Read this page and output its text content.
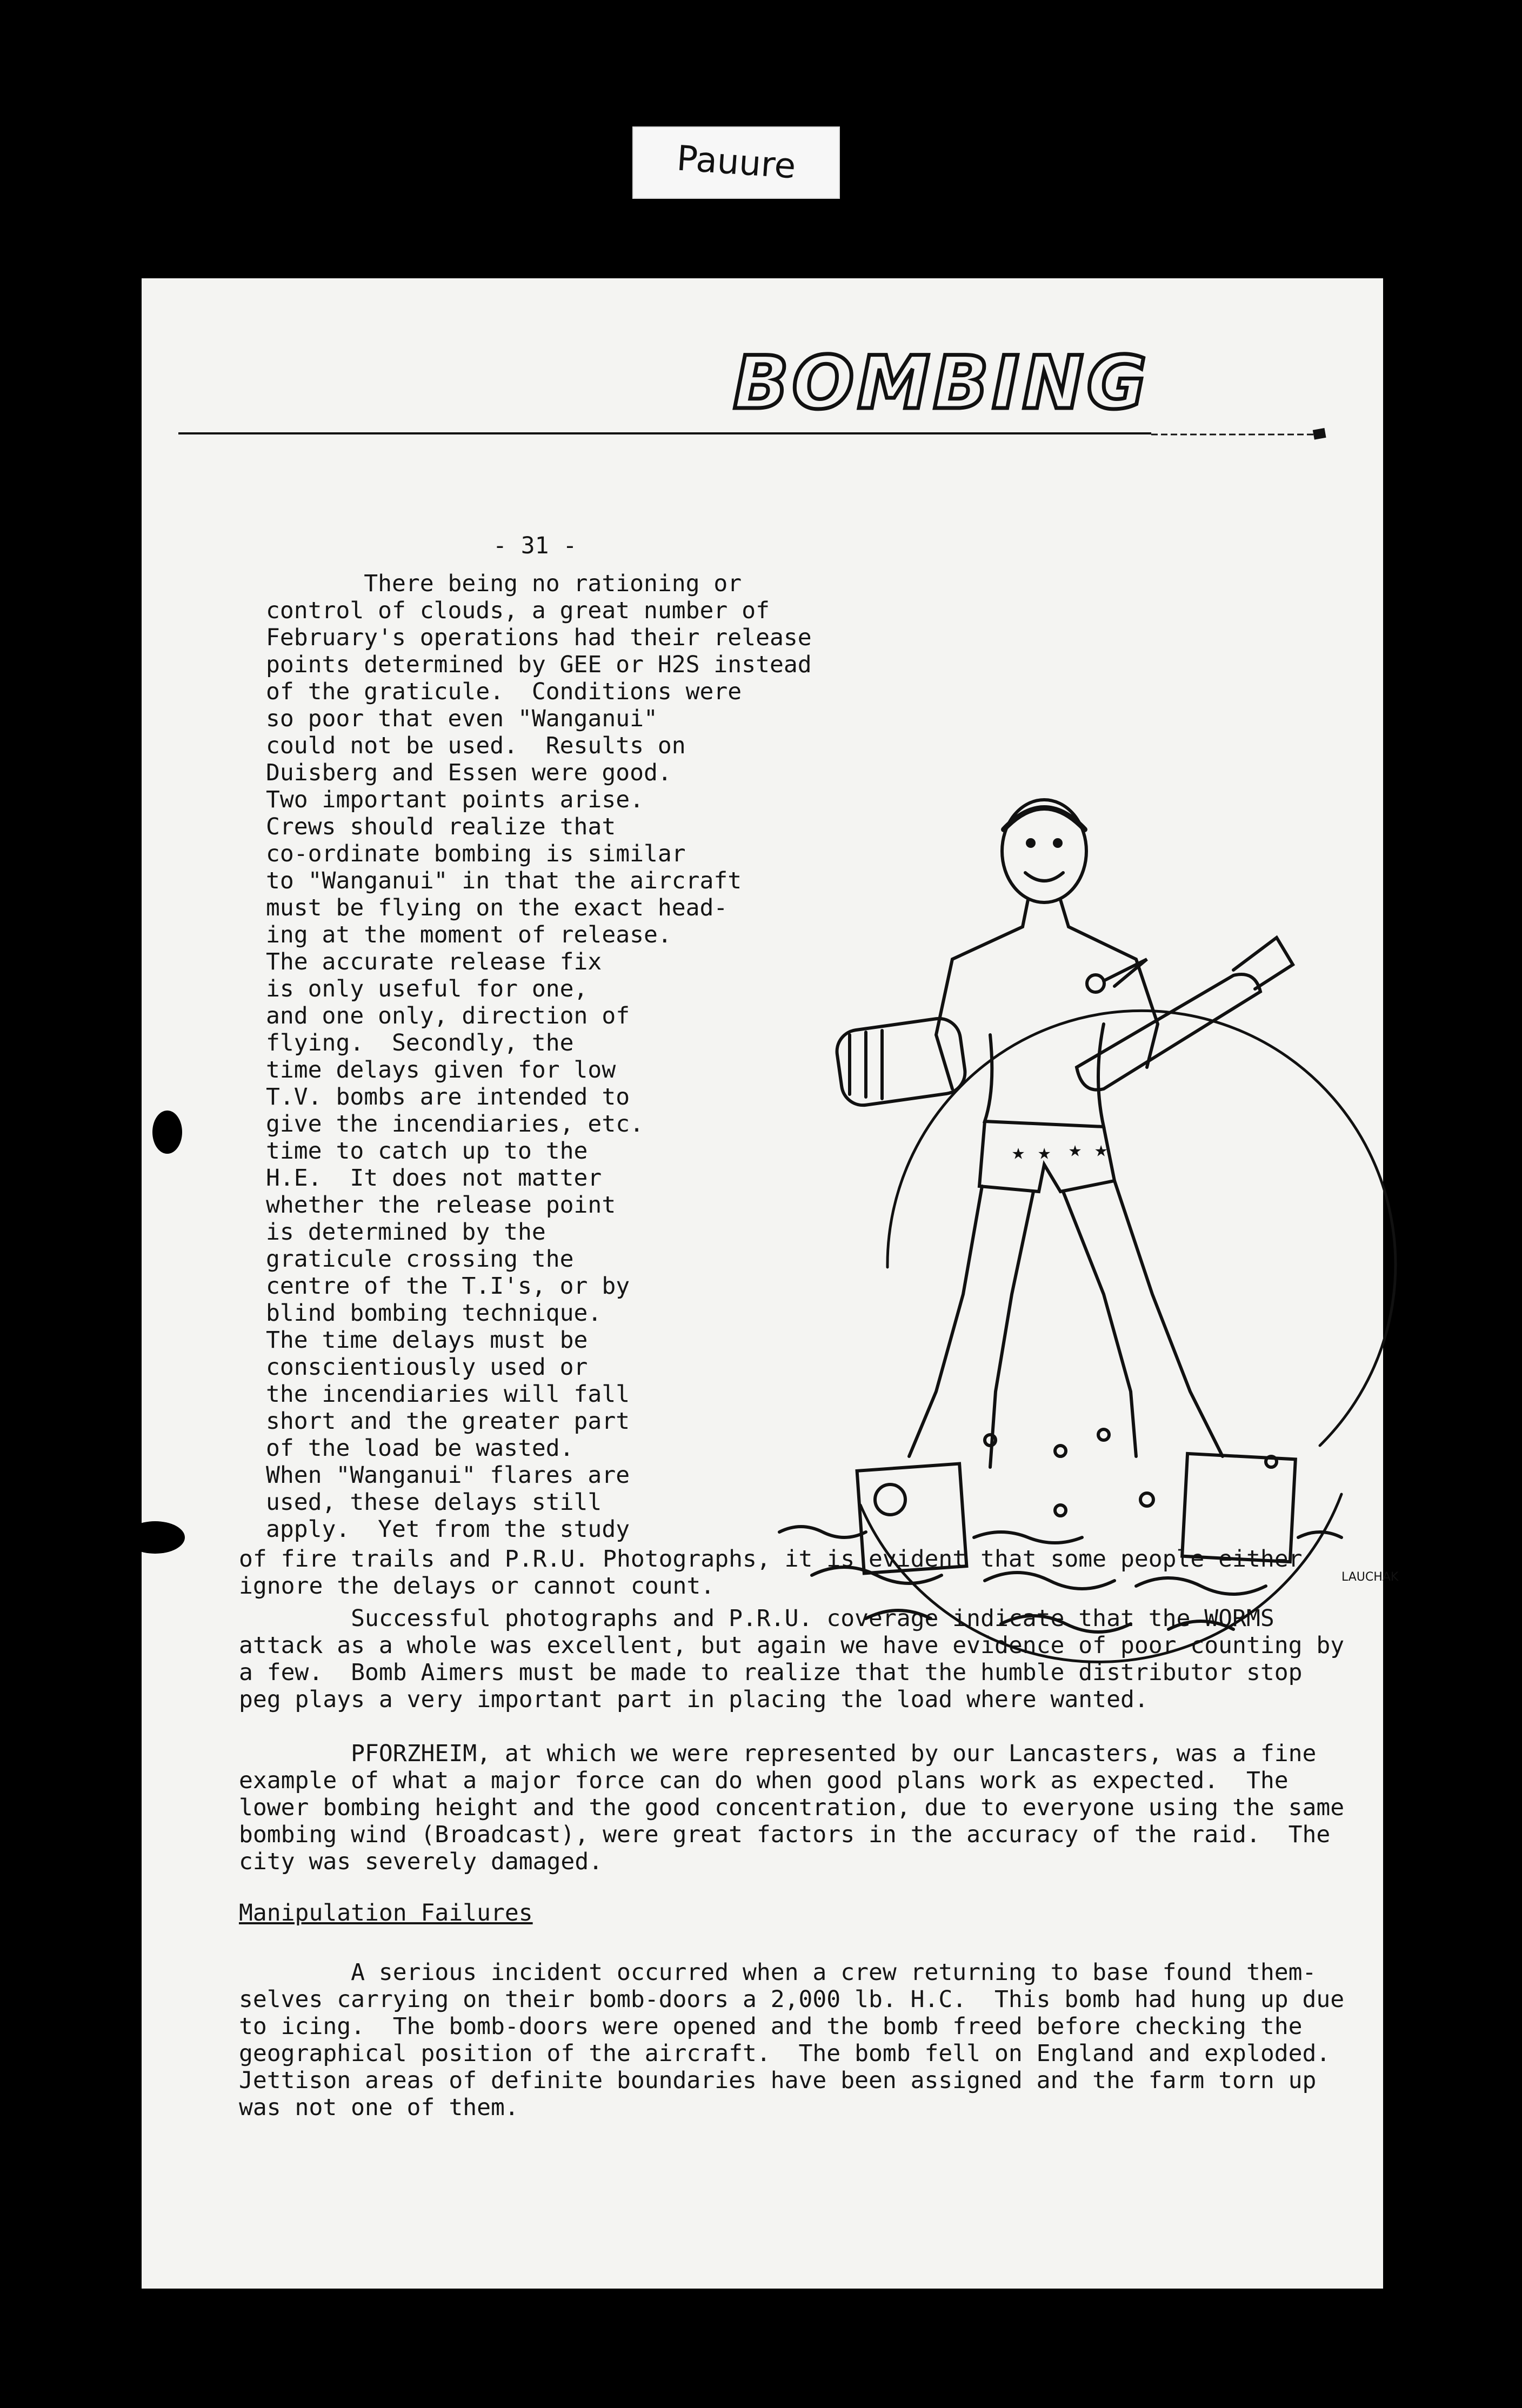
Pauure
BOMBING
- 31 -
There being no rationing or
control of clouds, a great number of
February's operations had their release
points determined by GEE or H2S instead
of the graticule.  Conditions were
so poor that even "Wanganui"
could not be used.  Results on
Duisberg and Essen were good.
Two important points arise.
Crews should realize that
co-ordinate bombing is similar
to "Wanganui" in that the aircraft
must be flying on the exact head-
ing at the moment of release.
The accurate release fix
is only useful for one,
and one only, direction of
flying.  Secondly, the
time delays given for low
T.V. bombs are intended to
give the incendiaries, etc.
time to catch up to the
H.E.  It does not matter
whether the release point
is determined by the
graticule crossing the
centre of the T.I's, or by
blind bombing technique.
The time delays must be
conscientiously used or
the incendiaries will fall
short and the greater part
of the load be wasted.
When "Wanganui" flares are
used, these delays still
apply.  Yet from the study
of fire trails and P.R.U. Photographs, it is evident that some people either
ignore the delays or cannot count.
Successful photographs and P.R.U. coverage indicate that the WORMS
attack as a whole was excellent, but again we have evidence of poor counting by
a few.  Bomb Aimers must be made to realize that the humble distributor stop
peg plays a very important part in placing the load where wanted.
PFORZHEIM, at which we were represented by our Lancasters, was a fine
example of what a major force can do when good plans work as expected.  The
lower bombing height and the good concentration, due to everyone using the same
bombing wind (Broadcast), were great factors in the accuracy of the raid.  The
city was severely damaged.
Manipulation Failures
A serious incident occurred when a crew returning to base found them-
selves carrying on their bomb-doors a 2,000 lb. H.C.  This bomb had hung up due
to icing.  The bomb-doors were opened and the bomb freed before checking the
geographical position of the aircraft.  The bomb fell on England and exploded.
Jettison areas of definite boundaries have been assigned and the farm torn up
was not one of them.
★ ★ ★ ★
LAUCHAK
